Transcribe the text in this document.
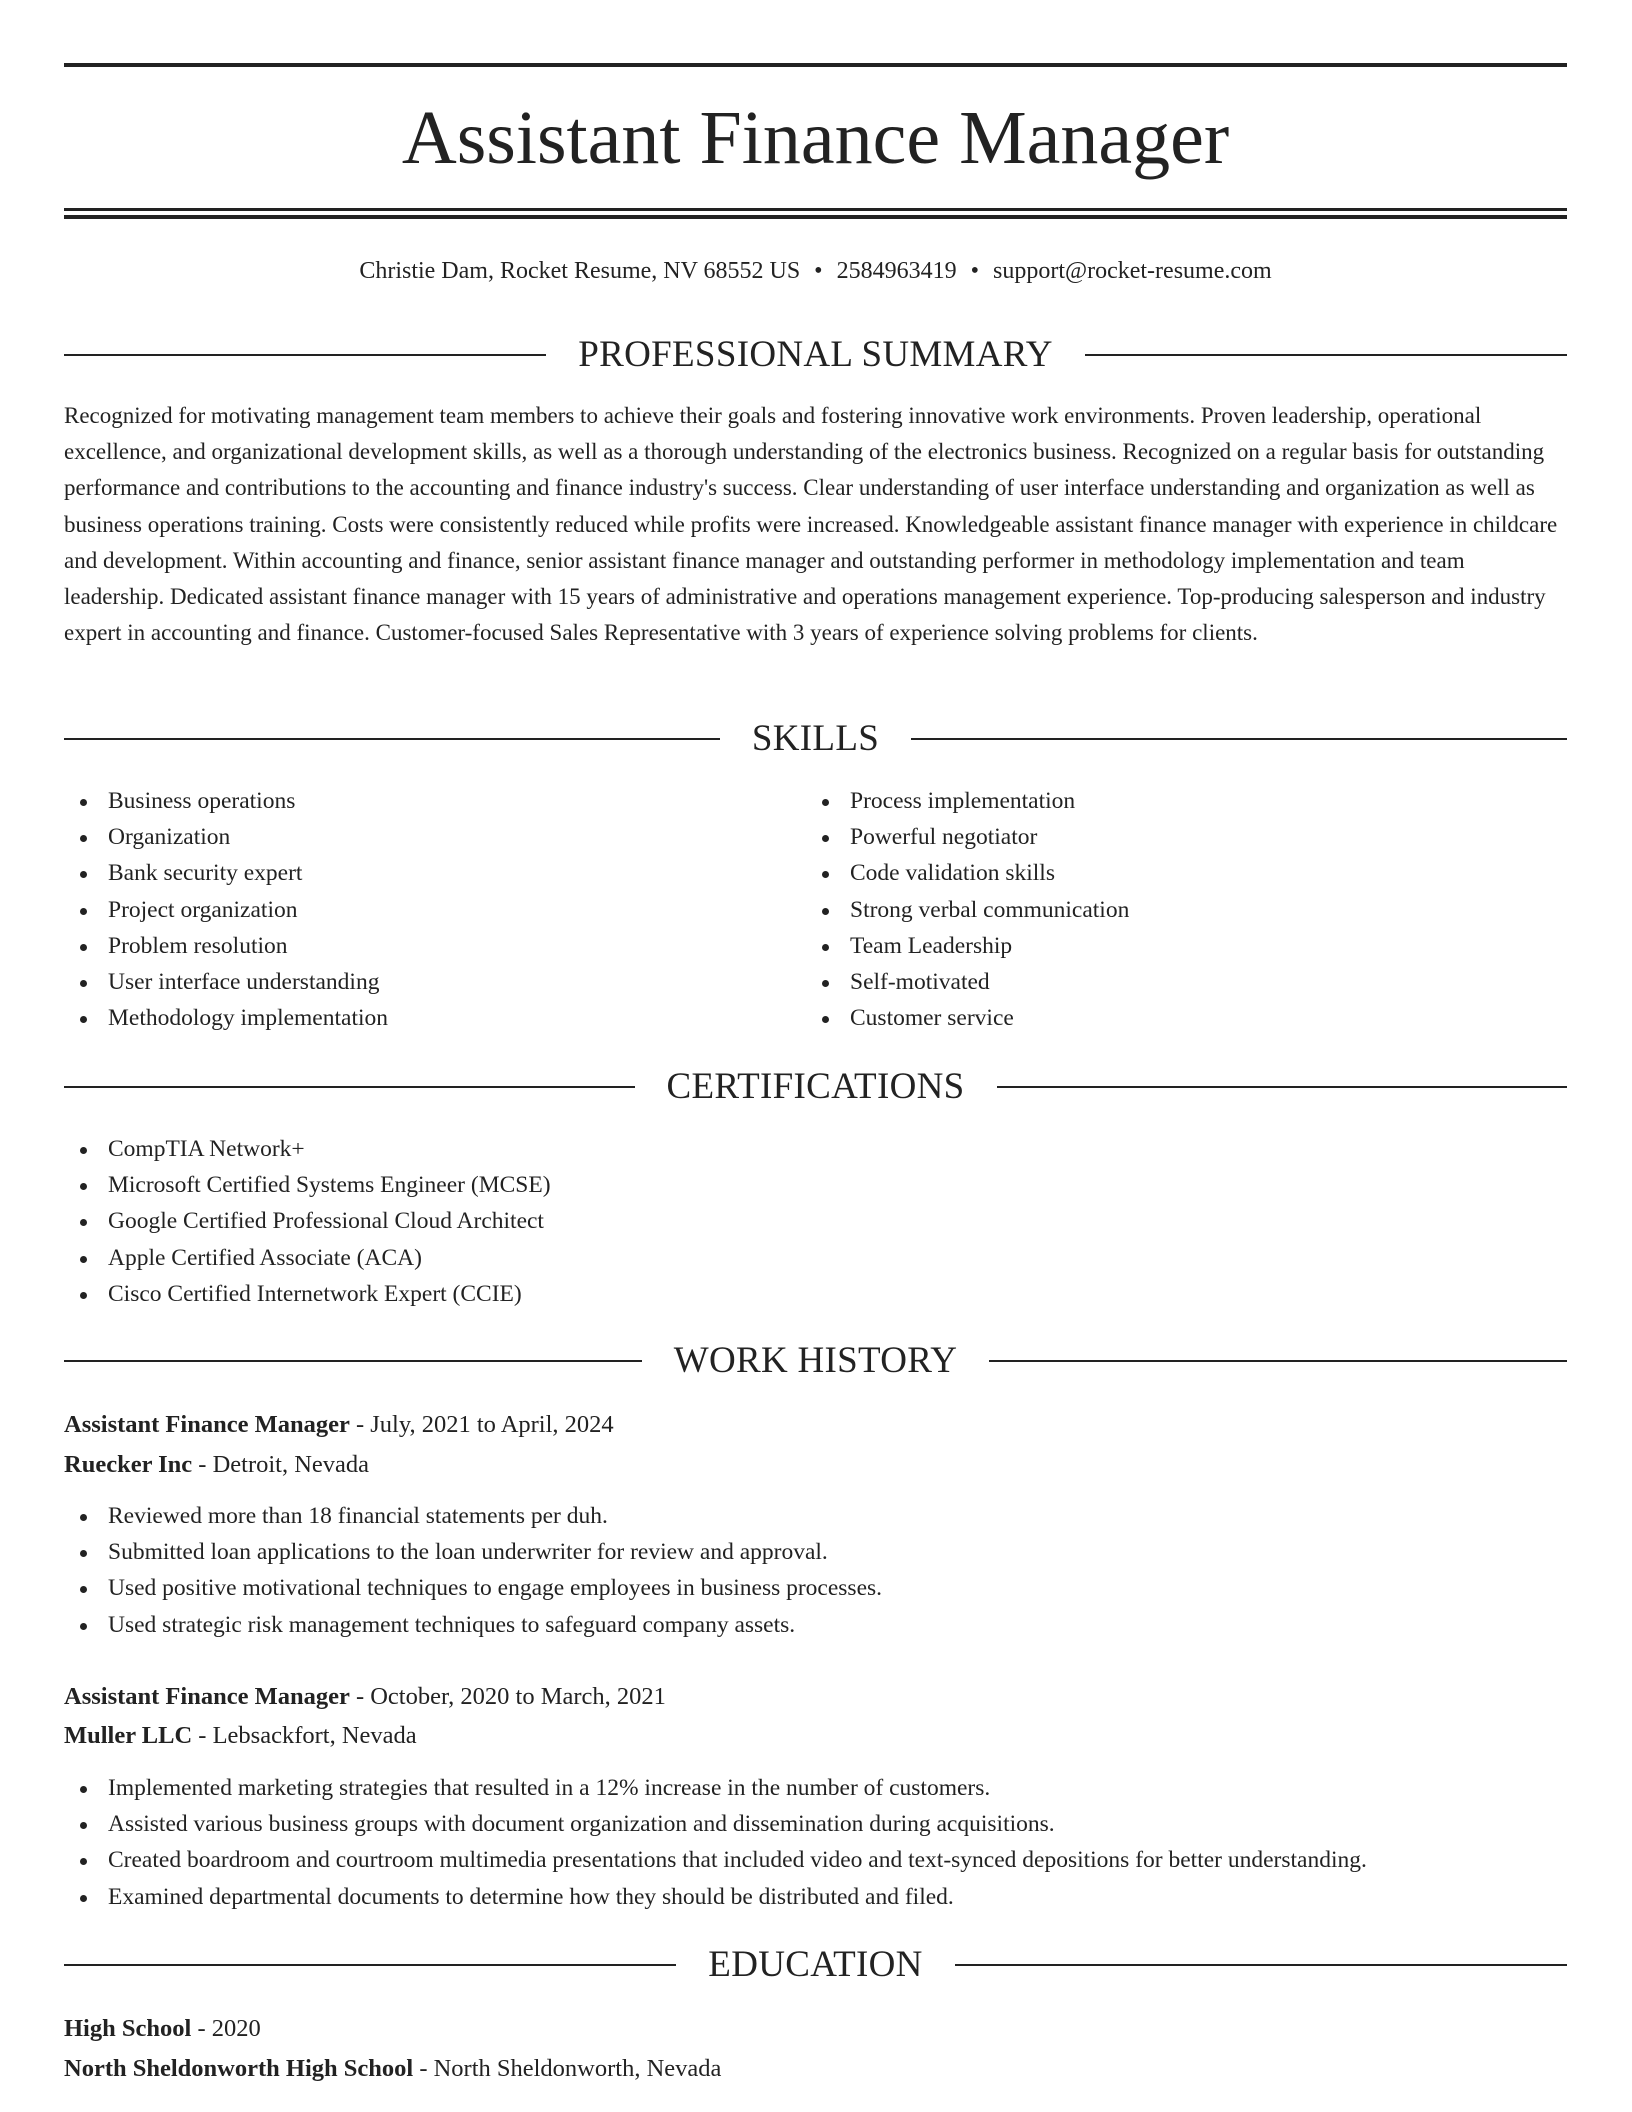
Assistant Finance Manager
Christie Dam, Rocket Resume, NV 68552 US • 2584963419 • support@rocket-resume.com
PROFESSIONAL SUMMARY

Recognized for motivating management team members to achieve their goals and fostering innovative work environments. Proven leadership, operational excellence, and organizational development skills, as well as a thorough understanding of the electronics business. Recognized on a regular basis for outstanding performance and contributions to the accounting and finance industry's success. Clear understanding of user interface understanding and organization as well as business operations training. Costs were consistently reduced while profits were increased. Knowledgeable assistant finance manager with experience in childcare and development. Within accounting and finance, senior assistant finance manager and outstanding performer in methodology implementation and team leadership. Dedicated assistant finance manager with 15 years of administrative and operations management experience. Top-producing salesperson and industry expert in accounting and finance. Customer-focused Sales Representative with 3 years of experience solving problems for clients.

SKILLS
Business operations
Organization
Bank security expert
Project organization
Problem resolution
User interface understanding
Methodology implementation
Process implementation
Powerful negotiator
Code validation skills
Strong verbal communication
Team Leadership
Self-motivated
Customer service
CERTIFICATIONS
CompTIA Network+
Microsoft Certified Systems Engineer (MCSE)
Google Certified Professional Cloud Architect
Apple Certified Associate (ACA)
Cisco Certified Internetwork Expert (CCIE)
WORK HISTORY
Assistant Finance Manager - July, 2021 to April, 2024
Ruecker Inc - Detroit, Nevada
Reviewed more than 18 financial statements per duh.
Submitted loan applications to the loan underwriter for review and approval.
Used positive motivational techniques to engage employees in business processes.
Used strategic risk management techniques to safeguard company assets.
Assistant Finance Manager - October, 2020 to March, 2021
Muller LLC - Lebsackfort, Nevada
Implemented marketing strategies that resulted in a 12% increase in the number of customers.
Assisted various business groups with document organization and dissemination during acquisitions.
Created boardroom and courtroom multimedia presentations that included video and text-synced depositions for better understanding.
Examined departmental documents to determine how they should be distributed and filed.
EDUCATION
High School - 2020
North Sheldonworth High School - North Sheldonworth, Nevada
